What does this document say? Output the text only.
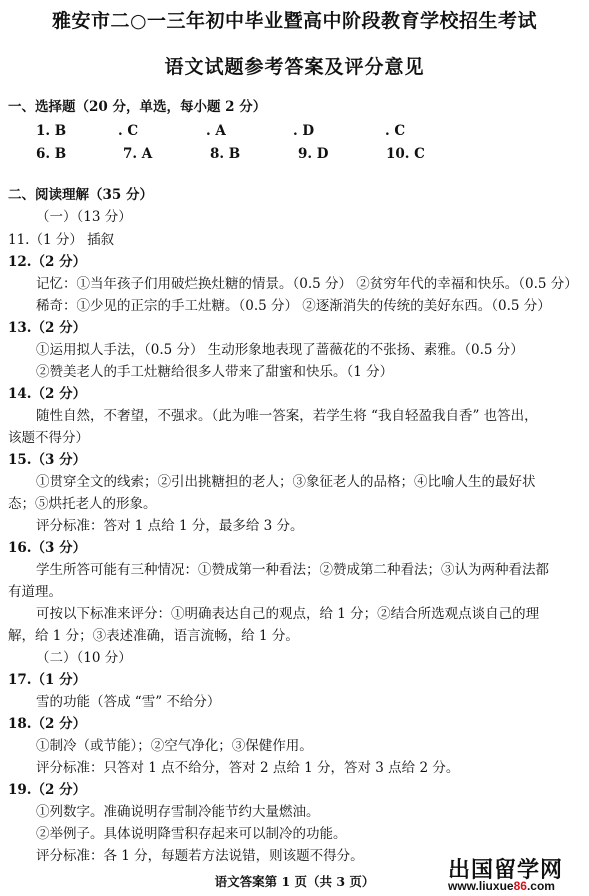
雅安市二○一三年初中毕业暨高中阶段教育学校招生考试
语文试题参考答案及评分意见
一、选择题（20 分，单选，每小题 2 分）
1. B	. C	. A	. D	. C
6. B	7. A	8. B	9. D	10. C
二、阅读理解（35 分）
（一）（13 分）
11.（1 分） 插叙
12.（2 分）
记忆：①当年孩子们用破烂换灶糖的情景。（0.5 分） ②贫穷年代的幸福和快乐。（0.5 分）
稀奇：①少见的正宗的手工灶糖。（0.5 分） ②逐渐消失的传统的美好东西。（0.5 分）
13.（2 分）
①运用拟人手法，（0.5 分） 生动形象地表现了蔷薇花的不张扬、素雅。（0.5 分）
②赞美老人的手工灶糖给很多人带来了甜蜜和快乐。（1 分）
14.（2 分）
随性自然，不奢望，不强求。（此为唯一答案，若学生将 “我自轻盈我自香” 也答出，
该题不得分）
15.（3 分）
①贯穿全文的线索；②引出挑糖担的老人；③象征老人的品格；④比喻人生的最好状
态；⑤烘托老人的形象。
评分标准：答对 1 点给 1 分，最多给 3 分。
16.（3 分）
学生所答可能有三种情况：①赞成第一种看法；②赞成第二种看法；③认为两种看法都
有道理。
可按以下标准来评分：①明确表达自己的观点，给 1 分；②结合所选观点谈自己的理
解，给 1 分；③表述准确，语言流畅，给 1 分。
（二）（10 分）
17.（1 分）
雪的功能（答成 “雪” 不给分）
18.（2 分）
①制冷（或节能）；②空气净化；③保健作用。
评分标准：只答对 1 点不给分，答对 2 点给 1 分，答对 3 点给 2 分。
19.（2 分）
①列数字。准确说明存雪制冷能节约大量燃油。
②举例子。具体说明降雪积存起来可以制冷的功能。
评分标准：各 1 分，每题若方法说错，则该题不得分。
语文答案第 1 页（共 3 页）	出国留学网
www.liuxue86.com
